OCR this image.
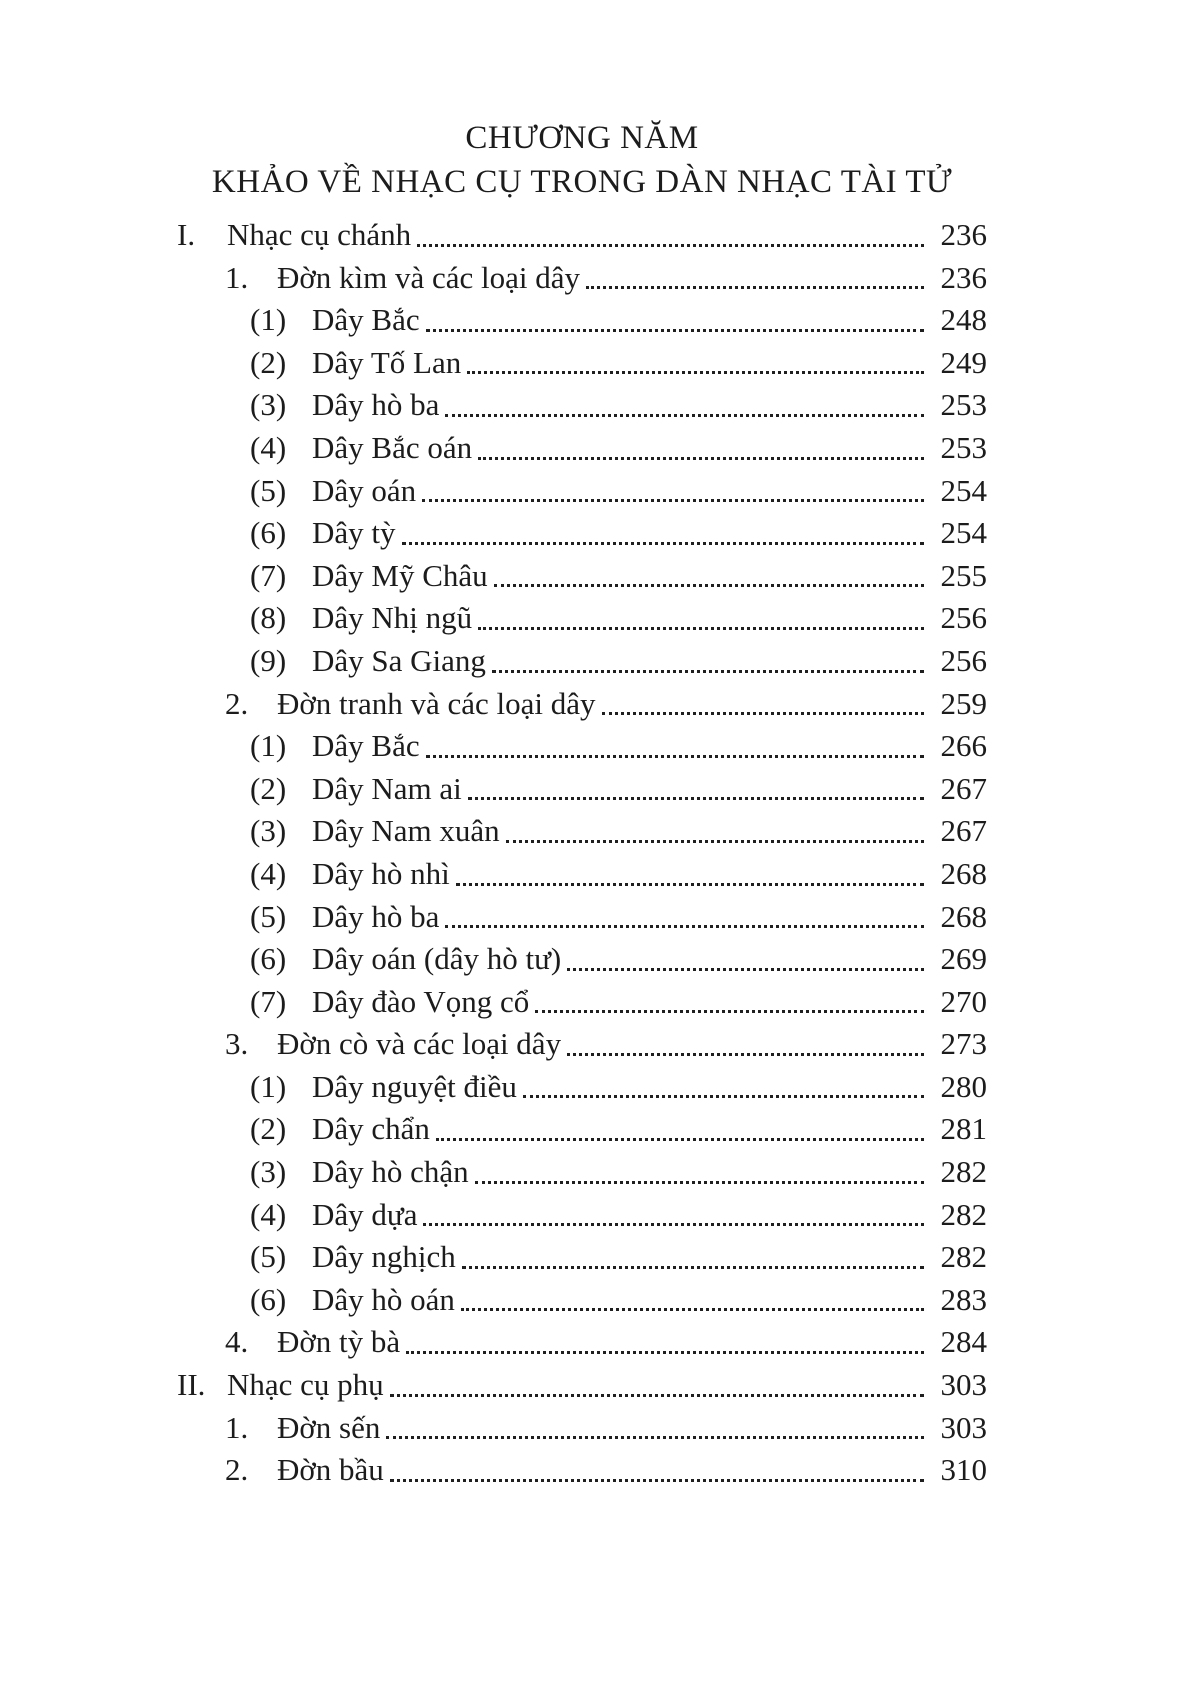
CHƯƠNG NĂM
KHẢO VỀ NHẠC CỤ TRONG DÀN NHẠC TÀI TỬ
I.	Nhạc cụ chánh	236
1. Đờn kìm và các loại dây	236
(1) Dây Bắc	248
(2) Dây Tố Lan	249
(3) Dây hò ba	253
(4) Dây Bắc oán	253
(5) Dây oán	254
(6) Dây tỳ	254
(7) Dây Mỹ Châu	255
(8) Dây Nhị ngũ	256
(9) Dây Sa Giang	256
2. Đờn tranh và các loại dây	259
(1) Dây Bắc	266
(2) Dây Nam ai	267
(3) Dây Nam xuân	267
(4) Dây hò nhì	268
(5) Dây hò ba	268
(6) Dây oán (dây hò tư)	269
(7) Dây đào Vọng cổ	270
3. Đờn cò và các loại dây	273
(1) Dây nguyệt điều	280
(2) Dây chẩn	281
(3) Dây hò chận	282
(4) Dây dựa	282
(5) Dây nghịch	282
(6) Dây hò oán	283
4. Đờn tỳ bà	284
II. Nhạc cụ phụ	303
1. Đờn sến	303
2. Đờn bầu	310
